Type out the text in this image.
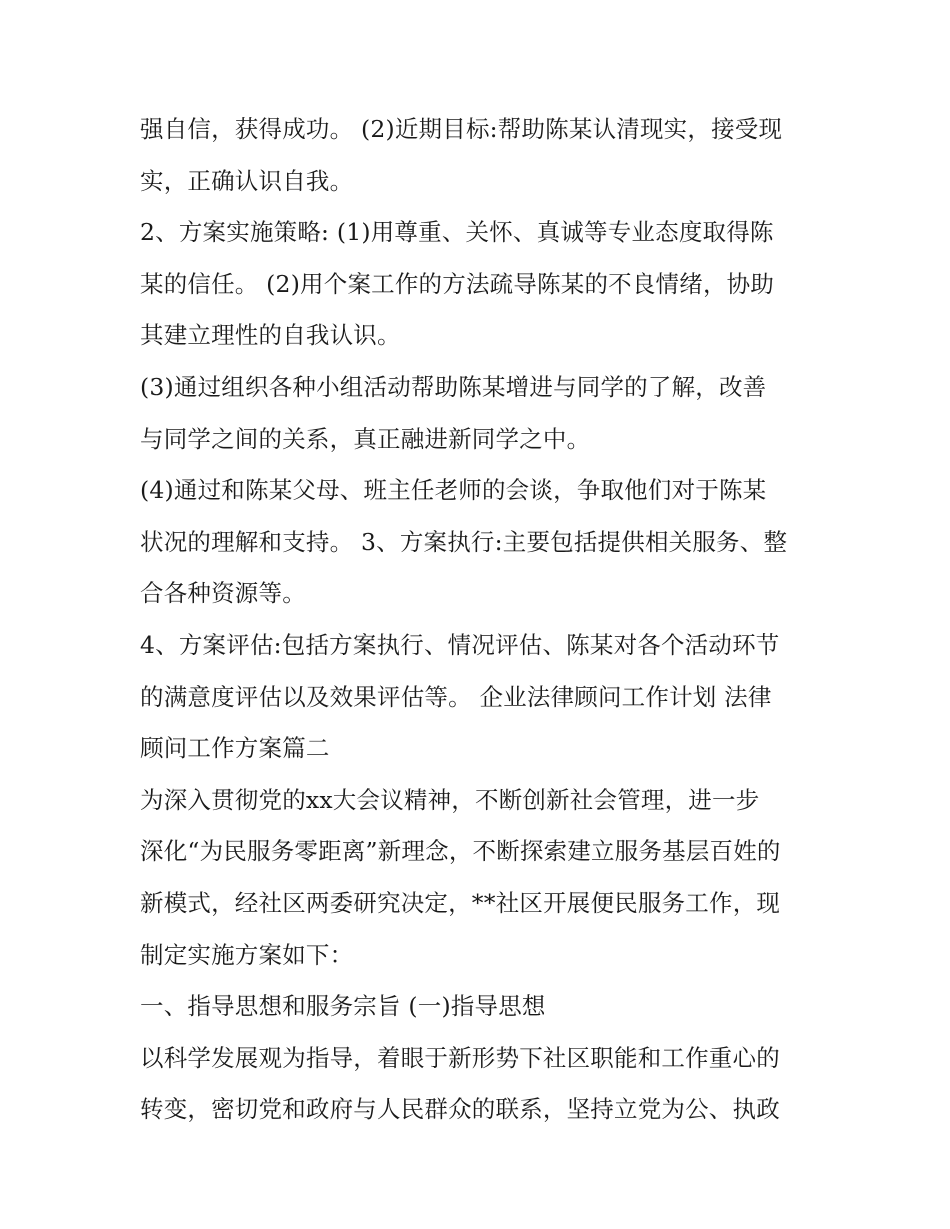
强自信，获得成功。 (2)近期目标:帮助陈某认清现实，接受现
实，正确认识自我。
2、方案实施策略: (1)用尊重、关怀、真诚等专业态度取得陈
某的信任。 (2)用个案工作的方法疏导陈某的不良情绪，协助
其建立理性的自我认识。
(3)通过组织各种小组活动帮助陈某增进与同学的了解，改善
与同学之间的关系，真正融进新同学之中。
(4)通过和陈某父母、班主任老师的会谈，争取他们对于陈某
状况的理解和支持。 3、方案执行:主要包括提供相关服务、整
合各种资源等。
4、方案评估:包括方案执行、情况评估、陈某对各个活动环节
的满意度评估以及效果评估等。 企业法律顾问工作计划 法律
顾问工作方案篇二
为深入贯彻党的xx大会议精神，不断创新社会管理，进一步
深化“为民服务零距离”新理念，不断探索建立服务基层百姓的
新模式，经社区两委研究决定，**社区开展便民服务工作，现
制定实施方案如下：
一、指导思想和服务宗旨 (一)指导思想
以科学发展观为指导，着眼于新形势下社区职能和工作重心的
转变，密切党和政府与人民群众的联系，坚持立党为公、执政
